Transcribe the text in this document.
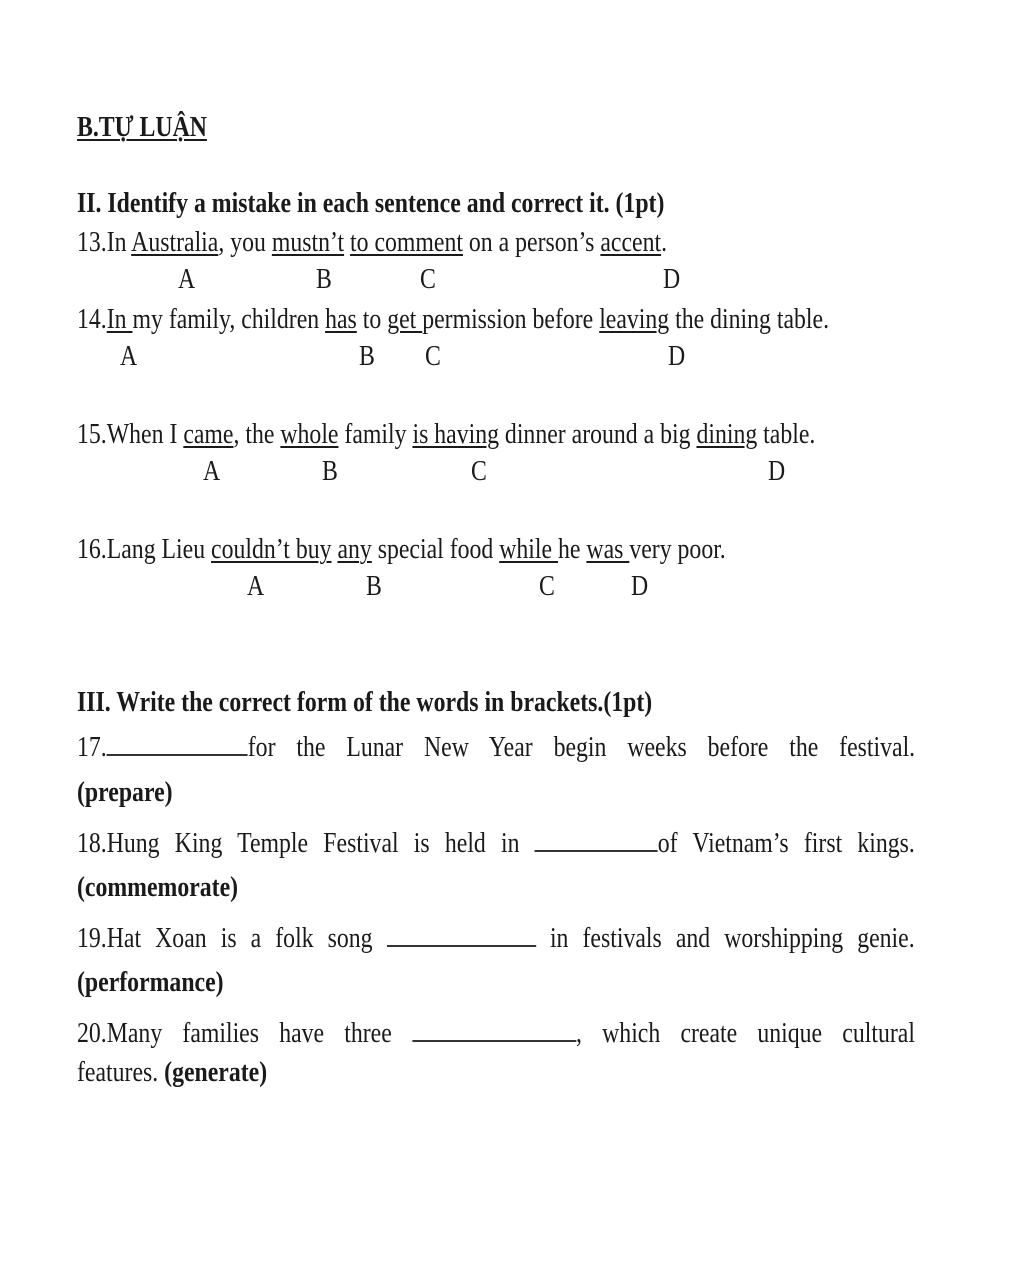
B.TỰ LUẬN
II. Identify a mistake in each sentence and correct it. (1pt)
13.In Australia, you mustn’t to comment on a person’s accent.
A	B	C	D
14.In my family, children has to get permission before leaving the dining table.
A	B C	D
15.When I came, the whole family is having dinner around a big dining table.
A	B	C	D
16.Lang Lieu couldn’t buy any special food while he was very poor.
A	B	C	D
III. Write the correct form of the words in brackets.(1pt)
17.	for the Lunar New Year begin weeks before the festival.
(prepare)
18.Hung King Temple Festival is held in	of Vietnam’s first kings.
(commemorate)
19.Hat Xoan is a folk song	in festivals and worshipping genie.
(performance)
20.Many families have three	, which create unique cultural
features. (generate)
